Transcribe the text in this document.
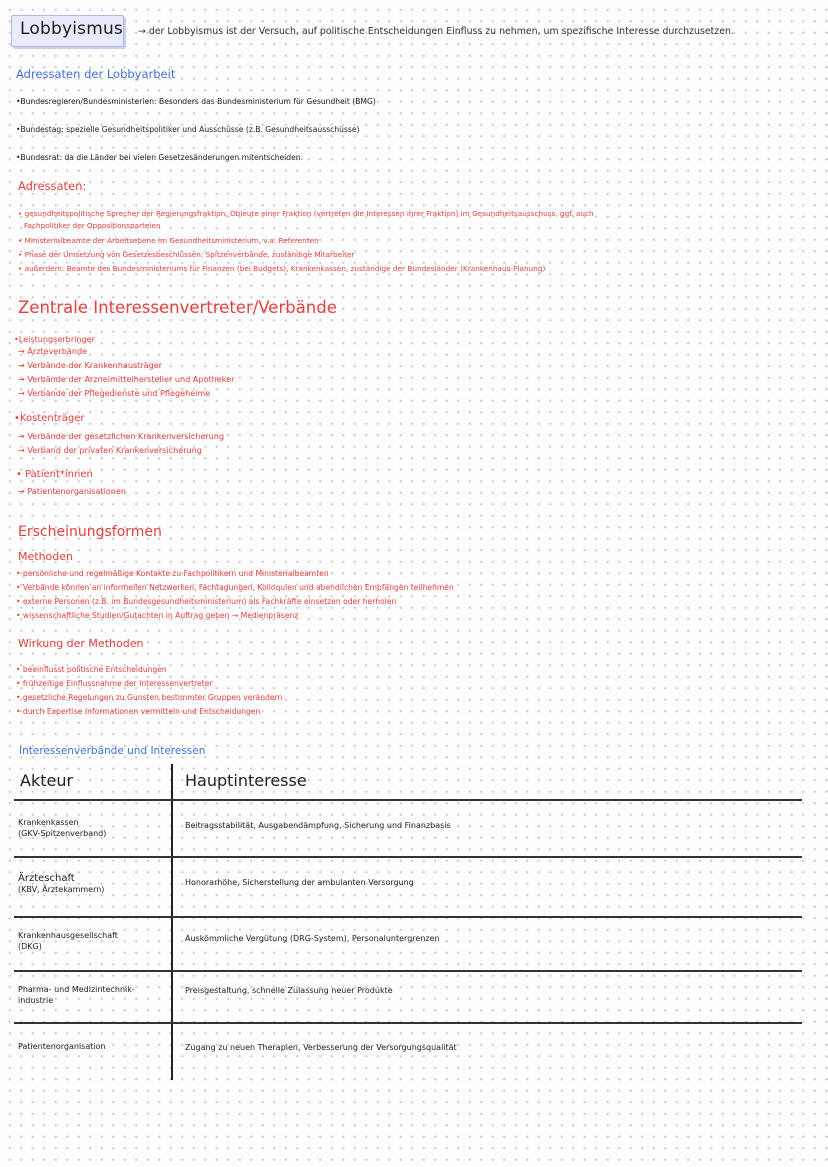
Lobbyismus → der Lobbyismus ist der Versuch, auf politische Entscheidungen Einfluss zu nehmen, um spezifische Interesse durchzusetzen.
Adressaten der Lobbyarbeit
•Bundesregieren/Bundesministerien: Besonders das Bundesministerium für Gesundheit (BMG)
•Bundestag: spezielle Gesundheitspolitiker und Ausschüsse (z.B. Gesundheitsausschüsse)
•Bundesrat: da die Länder bei vielen Gesetzesänderungen mitentscheiden.
Adressaten:
• gesundheitspolitische Sprecher der Regierungsfraktion, Obleute einer Fraktion (vertreten die Interessen ihrer Fraktion) im Gesundheitsausschuss, ggf. auch
Fachpolitiker der Oppositionsparteien
• Ministerialbeamte der Arbeitsebene im Gesundheitsministerium, v.a. Referenten
• Phase der Umsetzung von Gesetzesbeschlüssen: Spitzenverbände, zuständige Mitarbeiter
• außerdem: Beamte des Bundesministeriums für Finanzen (bei Budgets), Krankenkassen, zuständige der Bundesländer (Krankenhaus-Planung)
Zentrale Interessenvertreter/Verbände
•Leistungserbringer
→ Ärzteverbände
→ Verbände der Krankenhausträger
→ Verbände der Arzneimittelhersteller und Apotheker
→ Verbände der Pflegedienste und Pflegeheime
•Kostenträger
→ Verbände der gesetzlichen Krankenversicherung
→ Verband der privaten Krankenversicherung
• Patient*innen
→ Patientenorganisationen
Erscheinungsformen
Methoden
• persönliche und regelmäßige Kontakte zu Fachpolitikern und Ministerialbeamten
• Verbände können an informellen Netzwerken, Fachtagungen, Kolloquien und abendlichen Empfängen teilnehmen
• externe Personen (z.B. im Bundesgesundheitsministerium) als Fachkräfte einsetzen oder herholen
• wissenschaftliche Studien/Gutachten in Auftrag geben → Medienpräsenz
Wirkung der Methoden
• beeinflusst politische Entscheidungen
• frühzeitige Einflussnahme der Interessenvertreter
• gesetzliche Regelungen zu Gunsten bestimmter Gruppen verändern
• durch Expertise Informationen vermitteln und Entscheidungen
Interessenverbände und Interessen
Akteur	Hauptinteresse
Krankenkassen
(GKV-Spitzenverband)
Beitragsstabilität, Ausgabendämpfung, Sicherung und Finanzbasis
Ärzteschaft
(KBV, Ärztekammern)
Honorarhöhe, Sicherstellung der ambulanten Versorgung
Krankenhausgesellschaft
(DKG)
Auskömmliche Vergütung (DRG-System), Personaluntergrenzen
Pharma- und Medizintechnik-
industrie
Preisgestaltung, schnelle Zulassung neuer Produkte
Patientenorganisation	Zugang zu neuen Therapien, Verbesserung der Versorgungsqualität
